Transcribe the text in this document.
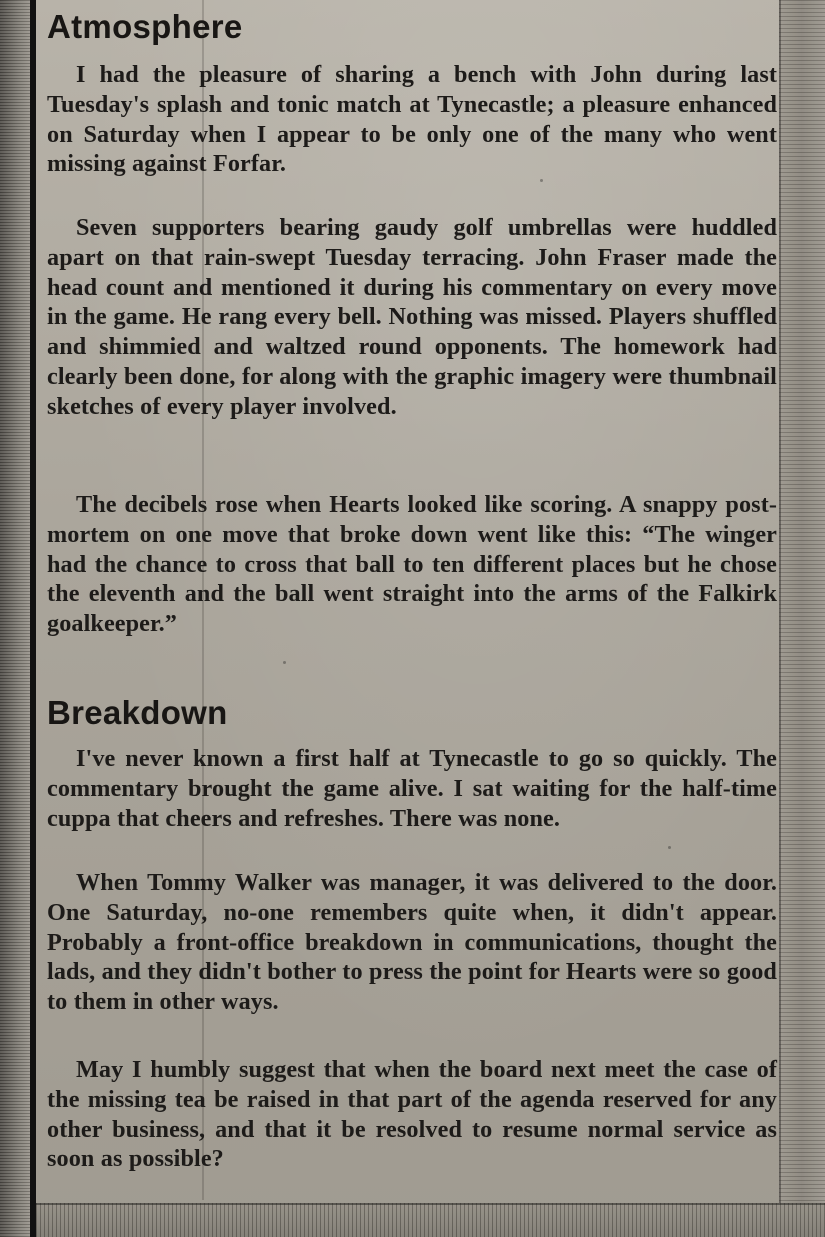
Atmosphere

I had the pleasure of sharing a bench with John during last Tuesday's splash and tonic match at Tynecastle; a pleasure enhanced on Saturday when I appear to be only one of the many who went missing against Forfar.

Seven supporters bearing gaudy golf umbrellas were huddled apart on that rain-swept Tuesday terracing. John Fraser made the head count and mentioned it during his commentary on every move in the game. He rang every bell. Nothing was missed. Players shuffled and shimmied and waltzed round opponents. The homework had clearly been done, for along with the graphic imagery were thumbnail sketches of every player involved.

The decibels rose when Hearts looked like scoring. A snappy post-mortem on one move that broke down went like this: “The winger had the chance to cross that ball to ten different places but he chose the eleventh and the ball went straight into the arms of the Falkirk goalkeeper.”

Breakdown

I've never known a first half at Tynecastle to go so quickly. The commentary brought the game alive. I sat waiting for the half-time cuppa that cheers and refreshes. There was none.

When Tommy Walker was manager, it was delivered to the door. One Saturday, no-one remembers quite when, it didn't appear. Probably a front-office breakdown in communications, thought the lads, and they didn't bother to press the point for Hearts were so good to them in other ways.

May I humbly suggest that when the board next meet the case of the missing tea be raised in that part of the agenda reserved for any other business, and that it be resolved to resume normal service as soon as possible?
